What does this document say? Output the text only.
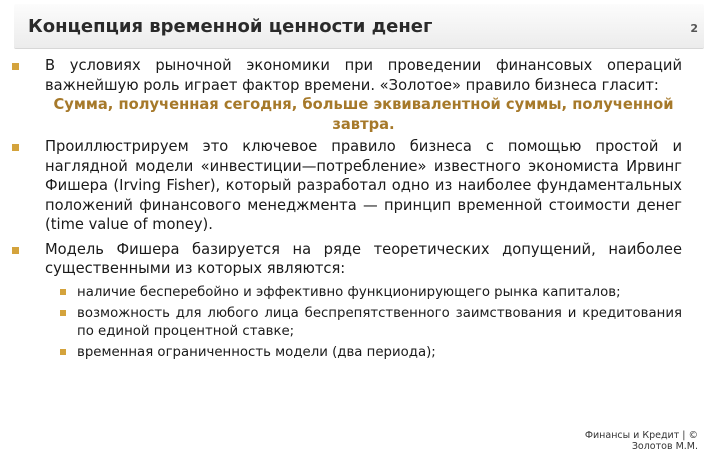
Концепция временной ценности денег	2
В условиях рыночной экономики при проведении финансовых операций важнейшую роль играет фактор времени. «Золотое» правило бизнеса гласит:
Сумма, полученная сегодня, больше эквивалентной суммы, полученной завтра.
Проиллюстрируем это ключевое правило бизнеса с помощью простой и наглядной модели «инвестиции—потребление» известного экономиста Ирвинг Фишера (Irving Fisher), который разработал одно из наиболее фундаментальных положений финансового менеджмента — принцип временной стоимости денег (time value of money).
Модель Фишера базируется на ряде теоретических допущений, наиболее существенными из которых являются:
наличие бесперебойно и эффективно функционирующего рынка капиталов;
возможность для любого лица беспрепятственного заимствования и кредитования по единой процентной ставке;
временная ограниченность модели (два периода);
Финансы и Кредит | ©
Золотов М.М.
